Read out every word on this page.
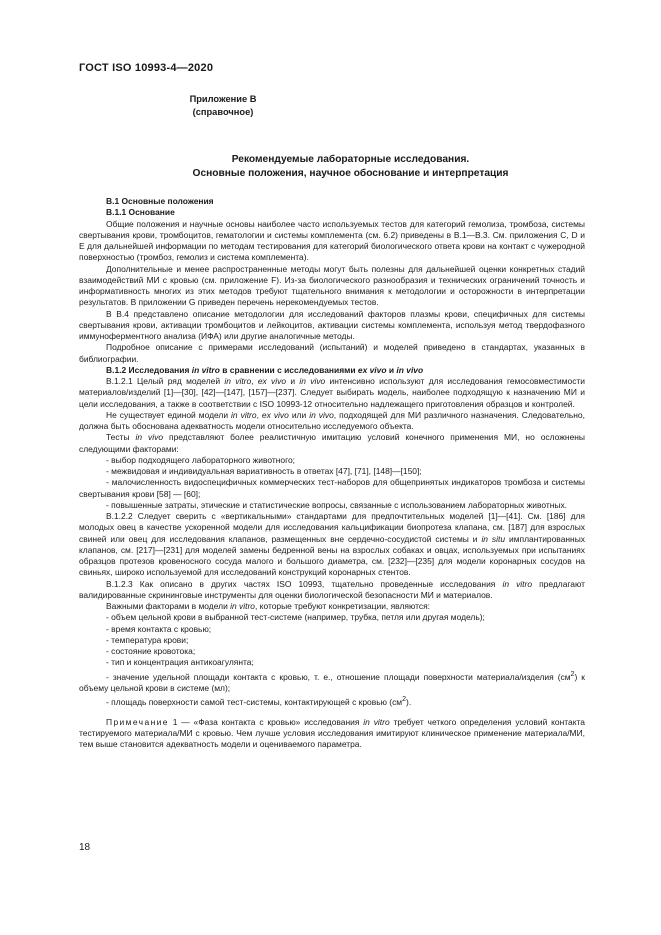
ГОСТ ISO 10993-4—2020
Приложение В
(справочное)
Рекомендуемые лабораторные исследования.
Основные положения, научное обоснование и интерпретация

В.1 Основные положения

В.1.1 Основание

Общие положения и научные основы наиболее часто используемых тестов для категорий гемолиза, тромбоза, системы свертывания крови, тромбоцитов, гематологии и системы комплемента (см. 6.2) приведены в В.1—В.3. См. приложения С, D и Е для дальнейшей информации по методам тестирования для категорий биологического ответа крови на контакт с чужеродной поверхностью (тромбоз, гемолиз и система комплемента).

Дополнительные и менее распространенные методы могут быть полезны для дальнейшей оценки конкретных стадий взаимодействий МИ с кровью (см. приложение F). Из-за биологического разнообразия и технических ограничений точность и информативность многих из этих методов требуют тщательного внимания к методологии и осторожности в интерпретации результатов. В приложении G приведен перечень нерекомендуемых тестов.

В В.4 представлено описание методологии для исследований факторов плазмы крови, специфичных для системы свертывания крови, активации тромбоцитов и лейкоцитов, активации системы комплемента, используя метод твердофазного иммуноферментного анализа (ИФА) или другие аналогичные методы.

Подробное описание с примерами исследований (испытаний) и моделей приведено в стандартах, указанных в библиографии.

В.1.2 Исследования in vitro в сравнении с исследованиями ex vivo и in vivo

В.1.2.1 Целый ряд моделей in vitro, ex vivo и in vivo интенсивно используют для исследования гемосовместимости материалов/изделий [1]—[30], [42]—[147], [157]—[237]. Следует выбирать модель, наиболее подходящую к назначению МИ и цели исследования, а также в соответствии с ISO 10993-12 относительно надлежащего приготовления образцов и контролей.

Не существует единой модели in vitro, ex vivo или in vivo, подходящей для МИ различного назначения. Следовательно, должна быть обоснована адекватность модели относительно исследуемого объекта.

Тесты in vivo представляют более реалистичную имитацию условий конечного применения МИ, но осложнены следующими факторами:

- выбор подходящего лабораторного животного;

- межвидовая и индивидуальная вариативность в ответах [47], [71], [148]—[150];

- малочисленность видоспецифичных коммерческих тест-наборов для общепринятых индикаторов тромбоза и системы свертывания крови [58] — [60];

- повышенные затраты, этические и статистические вопросы, связанные с использованием лабораторных животных.

В.1.2.2 Следует сверить с «вертикальными» стандартами для предпочтительных моделей [1]—[41]. См. [186] для молодых овец в качестве ускоренной модели для исследования кальцификации биопротеза клапана, см. [187] для взрослых свиней или овец для исследования клапанов, размещенных вне сердечно-сосудистой системы и in situ имплантированных клапанов, см. [217]—[231] для моделей замены бедренной вены на взрослых собаках и овцах, используемых при испытаниях образцов протезов кровеносного сосуда малого и большого диаметра, см. [232]—[235] для модели коронарных сосудов на свиньях, широко используемой для исследований конструкций коронарных стентов.

В.1.2.3 Как описано в других частях ISO 10993, тщательно проведенные исследования in vitro предлагают валидированные скрининговые инструменты для оценки биологической безопасности МИ и материалов.

Важными факторами в модели in vitro, которые требуют конкретизации, являются:

- объем цельной крови в выбранной тест-системе (например, трубка, петля или другая модель);

- время контакта с кровью;

- температура крови;

- состояние кровотока;

- тип и концентрация антикоагулянта;

- значение удельной площади контакта с кровью, т. е., отношение площади поверхности материала/изделия $(см^2)$ к объему цельной крови в системе (мл);

- площадь поверхности самой тест-системы, контактирующей с кровью $(см^2)$.

Примечание 1 — «Фаза контакта с кровью» исследования in vitro требует четкого определения условий контакта тестируемого материала/МИ с кровью. Чем лучше условия исследования имитируют клиническое применение материала/МИ, тем выше становится адекватность модели и оцениваемого параметра.

18
